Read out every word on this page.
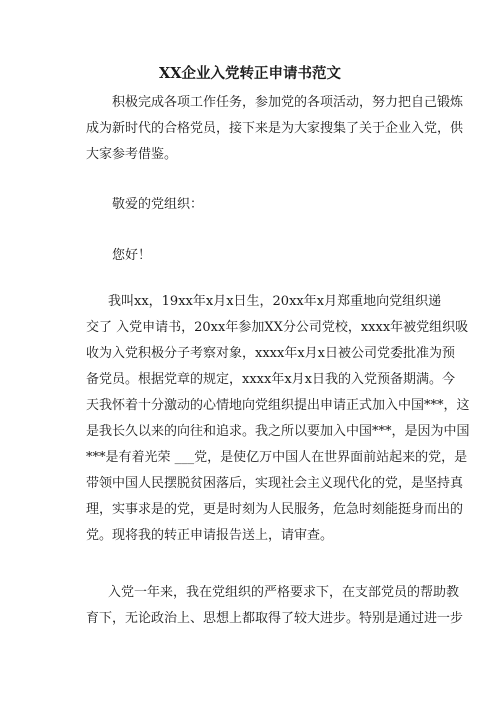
XX企业入党转正申请书范文
积极完成各项工作任务，参加党的各项活动，努力把自己锻炼
成为新时代的合格党员，接下来是为大家搜集了关于企业入党，供
大家参考借鉴。
敬爱的党组织：
您好！
我叫xx，19xx年x月x日生，20xx年x月郑重地向党组织递
交了 入党申请书，20xx年参加XX分公司党校，xxxx年被党组织吸
收为入党积极分子考察对象，xxxx年x月x日被公司党委批准为预
备党员。根据党章的规定，xxxx年x月x日我的入党预备期满。今
天我怀着十分激动的心情地向党组织提出申请正式加入中国***，这
是我长久以来的向往和追求。我之所以要加入中国***，是因为中国
***是有着光荣 ___党，是使亿万中国人在世界面前站起来的党，是
带领中国人民摆脱贫困落后，实现社会主义现代化的党，是坚持真
理，实事求是的党，更是时刻为人民服务，危急时刻能挺身而出的
党。现将我的转正申请报告送上，请审查。
入党一年来，我在党组织的严格要求下，在支部党员的帮助教
育下，无论政治上、思想上都取得了较大进步。特别是通过进一步
